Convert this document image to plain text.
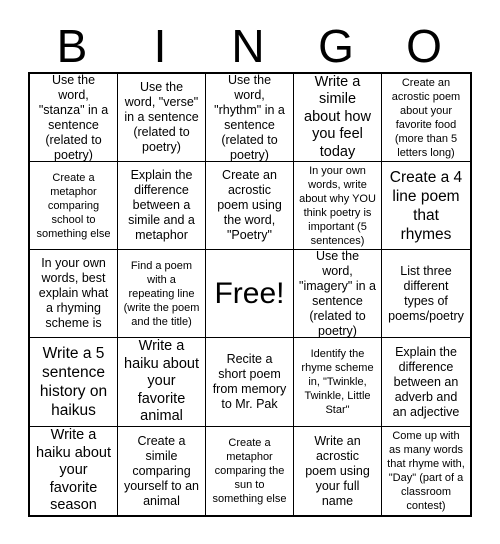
B	I	N	G	O
Use the word, "stanza" in a sentence (related to poetry)
Use the word, "verse" in a sentence (related to poetry)
Use the word, "rhythm" in a sentence (related to poetry)
Write a simile about how you feel today
Create an acrostic poem about your favorite food (more than 5 letters long)
Create a metaphor comparing school to something else
Explain the difference between a simile and a metaphor
Create an acrostic poem using the word, "Poetry"
In your own words, write about why YOU think poetry is important (5 sentences)
Create a 4 line poem that rhymes
In your own words, best explain what a rhyming scheme is
Find a poem with a repeating line (write the poem and the title)
Free!
Use the word, "imagery" in a sentence (related to poetry)
List three different types of poems/poetry
Write a 5 sentence history on haikus
Write a haiku about your favorite animal
Recite a short poem from memory to Mr. Pak
Identify the rhyme scheme in, "Twinkle, Twinkle, Little Star"
Explain the difference between an adverb and an adjective
Write a haiku about your favorite season
Create a simile comparing yourself to an animal
Create a metaphor comparing the sun to something else
Write an acrostic poem using your full name
Come up with as many words that rhyme with, "Day" (part of a classroom contest)
